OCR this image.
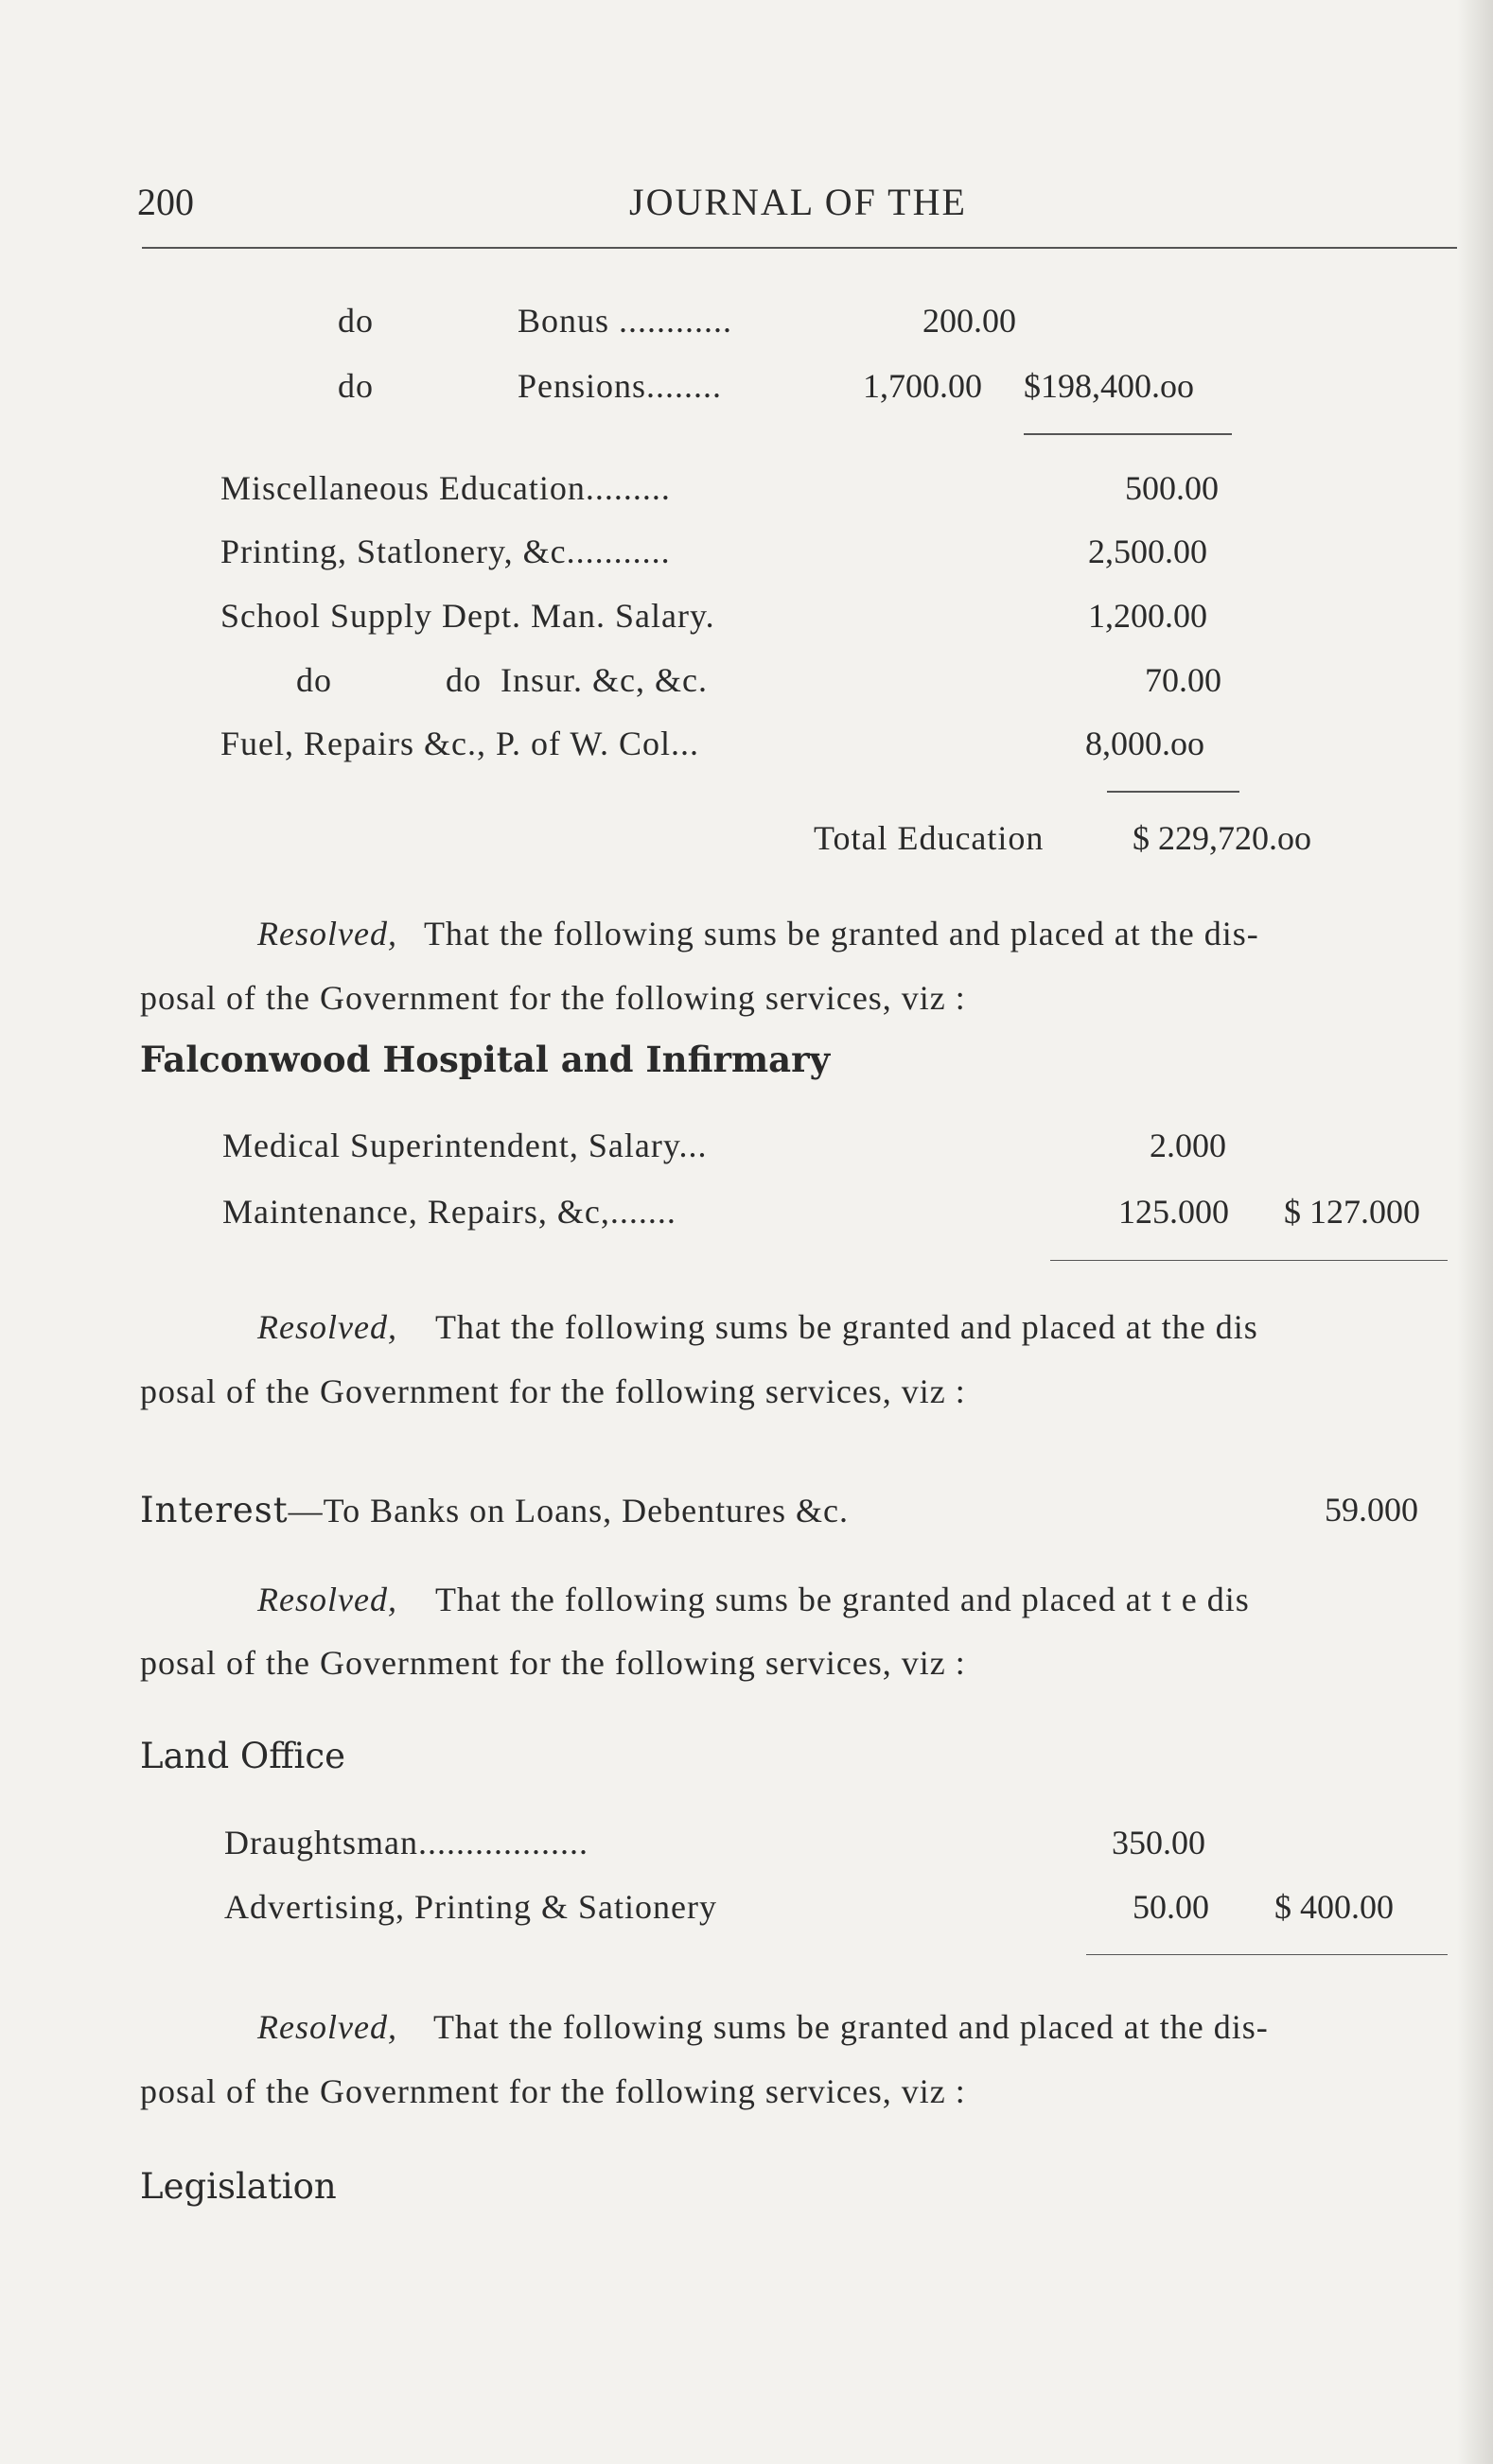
200	JOURNAL OF THE
do	Bonus ............	200.00
do	Pensions........	1,700.00 $198,400.oo
Miscellaneous Education.........	500.00
Printing, Statlonery, &c...........	2,500.00
School Supply Dept. Man. Salary.	1,200.00
do            do  Insur. &c, &c.	70.00
Fuel, Repairs &c., P. of W. Col...	8,000.oo
Total Education	$ 229,720.oo
Resolved, That the following sums be granted and placed at the dis-
posal of the Government for the following services, viz :
Falconwood Hospital and Infirmary
Medical Superintendent, Salary...	2.000
Maintenance, Repairs, &c,.......	125.000 $ 127.000
Resolved, That the following sums be granted and placed at the dis
posal of the Government for the following services, viz :
Interest—To Banks on Loans, Debentures &c.	59.000
Resolved, That the following sums be granted and placed at t e dis
posal of the Government for the following services, viz :
Land Office
Draughtsman..................	350.00
Advertising, Printing & Sationery	50.00 $ 400.00
Resolved, That the following sums be granted and placed at the dis-
posal of the Government for the following services, viz :
Legislation
